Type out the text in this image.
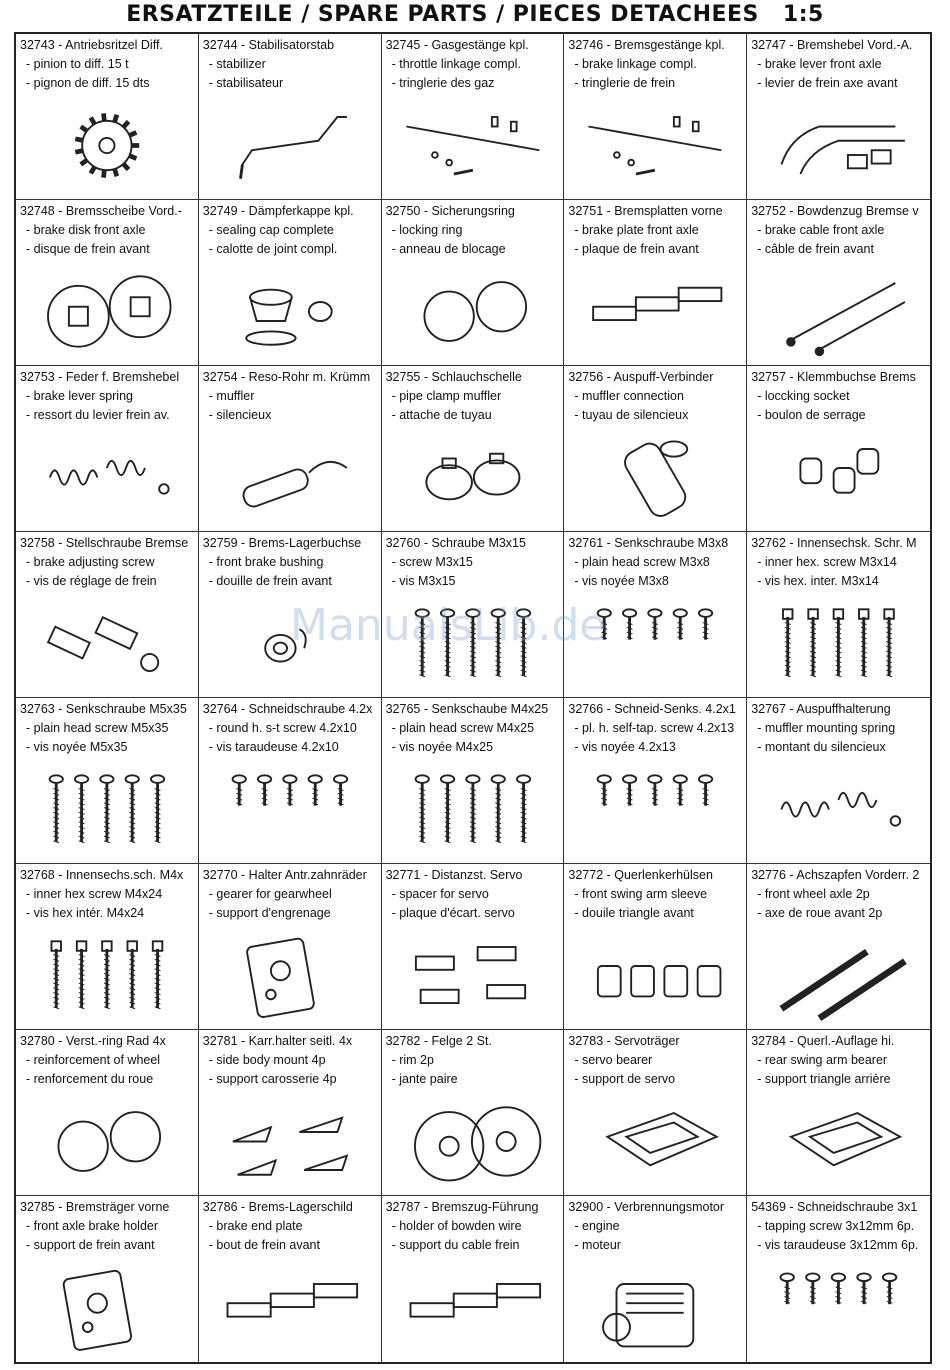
ERSATZTEILE / SPARE PARTS / PIECES DETACHEES 1:5
32743 - Antriebsritzel Diff.
- pinion to diff. 15 t
- pignon de diff. 15 dts
32744 - Stabilisatorstab
- stabilizer
- stabilisateur
32745 - Gasgestänge kpl.
- throttle linkage compl.
- tringlerie des gaz
32746 - Bremsgestänge kpl.
- brake linkage compl.
- tringlerie de frein
32747 - Bremshebel Vord.-A.
- brake lever front axle
- levier de frein axe avant
32748 - Bremsscheibe Vord.-
- brake disk front axle
- disque de frein avant
32749 - Dämpferkappe kpl.
- sealing cap complete
- calotte de joint compl.
32750 - Sicherungsring
- locking ring
- anneau de blocage
32751 - Bremsplatten vorne
- brake plate front axle
- plaque de frein avant
32752 - Bowdenzug Bremse v
- brake cable front axle
- câble de frein avant
32753 - Feder f. Bremshebel
- brake lever spring
- ressort du levier frein av.
32754 - Reso-Rohr m. Krümm
- muffler
- silencieux
32755 - Schlauchschelle
- pipe clamp muffler
- attache de tuyau
32756 - Auspuff-Verbinder
- muffler connection
- tuyau de silencieux
32757 - Klemmbuchse Brems
- loccking socket
- boulon de serrage
32758 - Stellschraube Bremse
- brake adjusting screw
- vis de réglage de frein
32759 - Brems-Lagerbuchse
- front brake bushing
- douille de frein avant
32760 - Schraube M3x15
- screw M3x15
- vis M3x15
32761 - Senkschraube M3x8
- plain head screw M3x8
- vis noyée M3x8
32762 - Innensechsk. Schr. M
- inner hex. screw M3x14
- vis hex. inter. M3x14
32763 - Senkschraube M5x35
- plain head screw M5x35
- vis noyée M5x35
32764 - Schneidschraube 4.2x
- round h. s-t screw 4.2x10
- vis taraudeuse 4.2x10
32765 - Senkschaube M4x25
- plain head screw M4x25
- vis noyée M4x25
32766 - Schneid-Senks. 4.2x1
- pl. h. self-tap. screw 4.2x13
- vis noyée 4.2x13
32767 - Auspuffhalterung
- muffler mounting spring
- montant du silencieux
32768 - Innensechs.sch. M4x
- inner hex screw M4x24
- vis hex intér. M4x24
32770 - Halter Antr.zahnräder
- gearer for gearwheel
- support d'engrenage
32771 - Distanzst. Servo
- spacer for servo
- plaque d'écart. servo
32772 - Querlenkerhülsen
- front swing arm sleeve
- douile triangle avant
32776 - Achszapfen Vorderr. 2
- front wheel axle 2p
- axe de roue avant 2p
32780 - Verst.-ring Rad 4x
- reinforcement of wheel
- renforcement du roue
32781 - Karr.halter seitl. 4x
- side body mount 4p
- support carosserie 4p
32782 - Felge 2 St.
- rim 2p
- jante paire
32783 - Servoträger
- servo bearer
- support de servo
32784 - Querl.-Auflage hi.
- rear swing arm bearer
- support triangle arrière
32785 - Bremsträger vorne
- front axle brake holder
- support de frein avant
32786 - Brems-Lagerschild
- brake end plate
- bout de frein avant
32787 - Bremszug-Führung
- holder of bowden wire
- support du cable frein
32900 - Verbrennungsmotor
- engine
- moteur
54369 - Schneidschraube 3x1
- tapping screw 3x12mm 6p.
- vis taraudeuse 3x12mm 6p.
ManualsLib.de
